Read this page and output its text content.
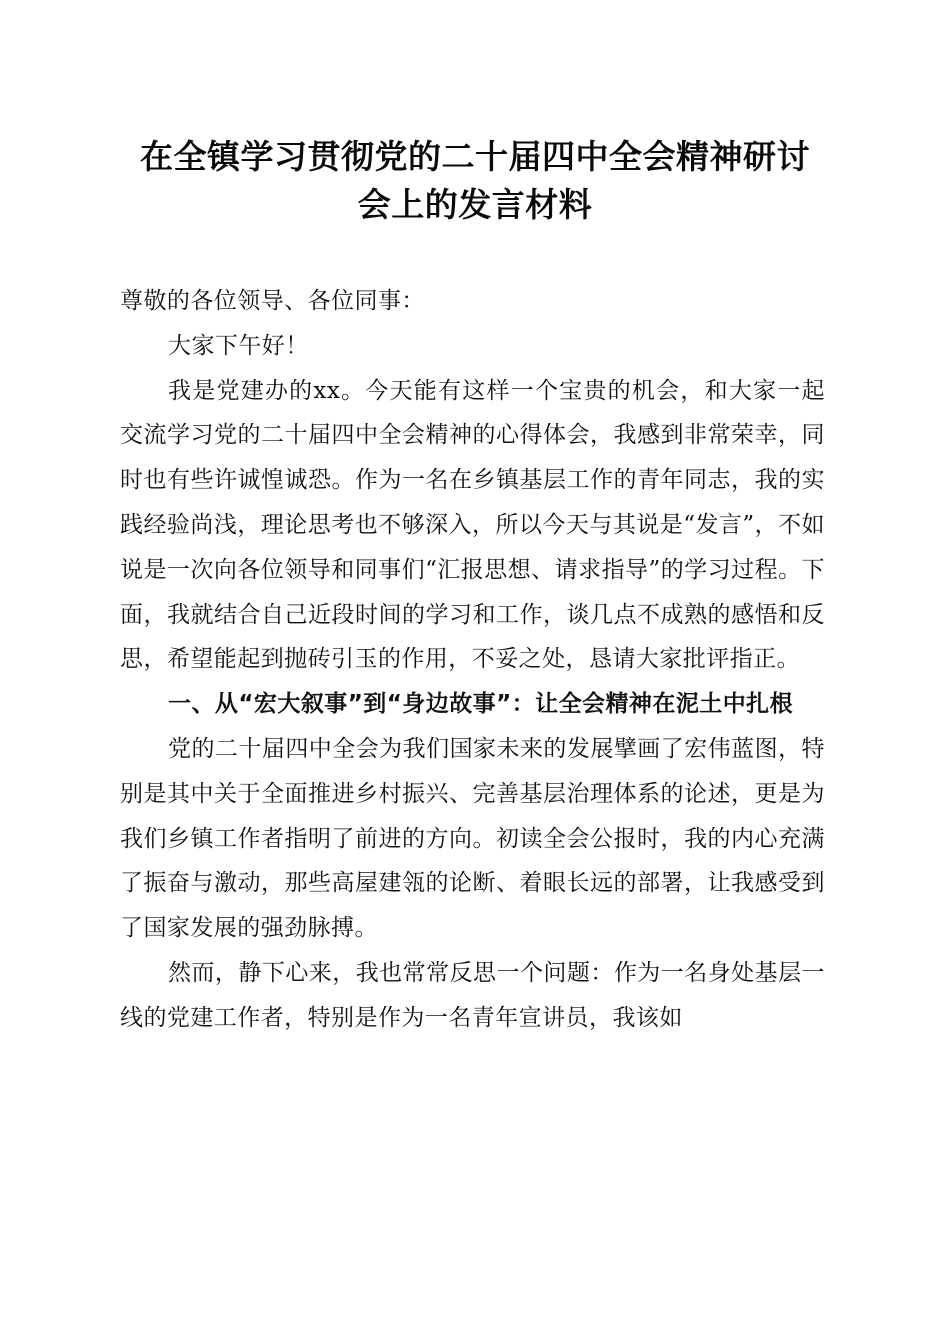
在全镇学习贯彻党的二十届四中全会精神研讨
会上的发言材料

尊敬的各位领导、各位同事：

大家下午好！

我是党建办的xx。今天能有这样一个宝贵的机会，和大家一起交流学习党的二十届四中全会精神的心得体会，我感到非常荣幸，同时也有些许诚惶诚恐。作为一名在乡镇基层工作的青年同志，我的实践经验尚浅，理论思考也不够深入，所以今天与其说是“发言”，不如说是一次向各位领导和同事们“汇报思想、请求指导”的学习过程。下面，我就结合自己近段时间的学习和工作，谈几点不成熟的感悟和反思，希望能起到抛砖引玉的作用，不妥之处，恳请大家批评指正。

一、从“宏大叙事”到“身边故事”：让全会精神在泥土中扎根

党的二十届四中全会为我们国家未来的发展擘画了宏伟蓝图，特别是其中关于全面推进乡村振兴、完善基层治理体系的论述，更是为我们乡镇工作者指明了前进的方向。初读全会公报时，我的内心充满了振奋与激动，那些高屋建瓴的论断、着眼长远的部署，让我感受到了国家发展的强劲脉搏。

然而，静下心来，我也常常反思一个问题：作为一名身处基层一线的党建工作者，特别是作为一名青年宣讲员，我该如
